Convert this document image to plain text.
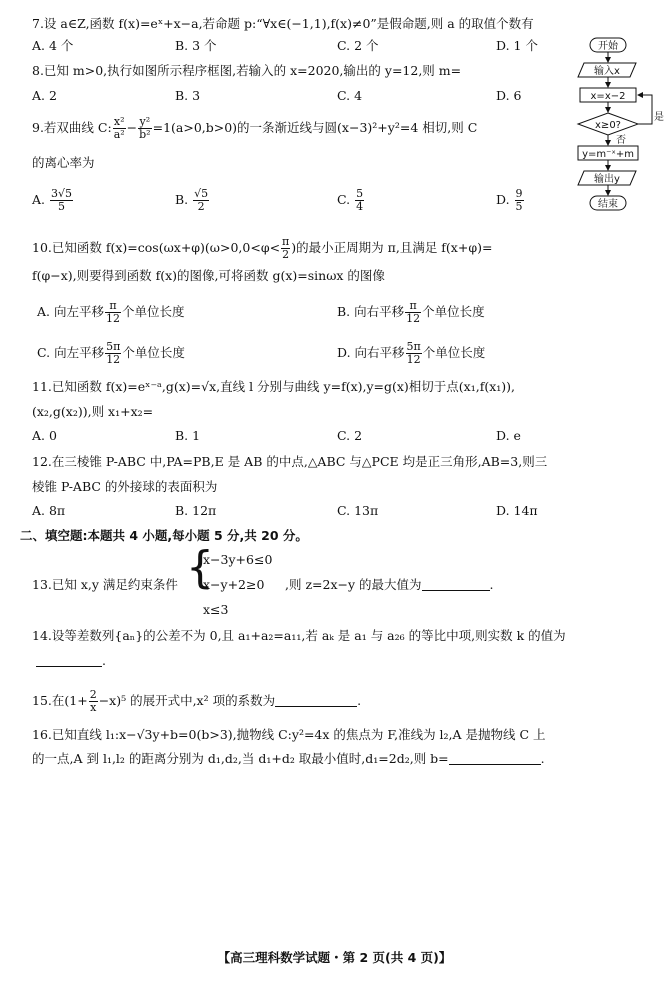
7.设 a∈Z,函数 f(x)=eˣ+x−a,若命题 p:“∀x∈(−1,1),f(x)≠0”是假命题,则 a 的取值个数有
A. 4 个	B. 3 个	C. 2 个	D. 1 个
8.已知 m>0,执行如图所示程序框图,若输入的 x=2020,输出的 y=12,则 m=
A. 2	B. 3	C. 4	D. 6
9.若双曲线 C: $\frac{\text{x²}}{\text{a²}} - \frac{\text{y²}}{\text{b²}} =1(a>0,b>0)$的一条渐近线与圆(x−3)²+y²=4 相切,则 C
的离心率为
A. $\frac{3√5}{5}$	B. $\frac{√5}{2}$	C. $\frac{5}{4}$	D. $\frac{9}{5}$
10.已知函数 $f(x)=\cos(\omega x+\varphi)(\omega>0,0<\varphi< \frac{\pi}{2}$ )的最小正周期为 π,且满足 f(x+φ)=
f(φ−x),则要得到函数 f(x)的图像,可将函数 g(x)=sinωx 的图像
A. 向左平移 $\frac{\pi}{12}$ 个单位长度	B. 向右平移 $\frac{\pi}{12}$ 个单位长度
C. 向左平移 $\frac{5\pi}{12}$ 个单位长度	D. 向右平移 $\frac{5\pi}{12}$ 个单位长度
11.已知函数 f(x)=eˣ⁻ᵃ,g(x)=√x,直线 l 分别与曲线 y=f(x),y=g(x)相切于点(x₁,f(x₁)),
(x₂,g(x₂)),则 x₁+x₂=
A. 0	B. 1	C. 2	D. e
12.在三棱锥 P-ABC 中,PA=PB,E 是 AB 的中点,△ABC 与△PCE 均是正三角形,AB=3,则三
棱锥 P-ABC 的外接球的表面积为
A. 8π	B. 12π	C. 13π	D. 14π
二、填空题:本题共 4 小题,每小题 5 分,共 20 分。
13.已知 x,y 满足约束条件 {
x−3y+6≤0
x−y+2≥0
x≤3
,则 z=2x−y 的最大值为	.
14.设等差数列{aₙ}的公差不为 0,且 a₁+a₂=a₁₁,若 aₖ 是 a₁ 与 a₂₆ 的等比中项,则实数 k 的值为
.
15.在$(1+ \frac{2}{x} -x)^5$ 的展开式中,x² 项的系数为	.
16.已知直线 l₁:x−√3y+b=0(b>3),抛物线 C:y²=4x 的焦点为 F,准线为 l₂,A 是抛物线 C 上
的一点,A 到 l₁,l₂ 的距离分别为 d₁,d₂,当 d₁+d₂ 取最小值时,d₁=2d₂,则 b=	.
开始
输入x
x=x−2
x≥0?
是
否
y=m⁻ˣ+m
输出y
结束
【高三理科数学试题・第 2 页(共 4 页)】
